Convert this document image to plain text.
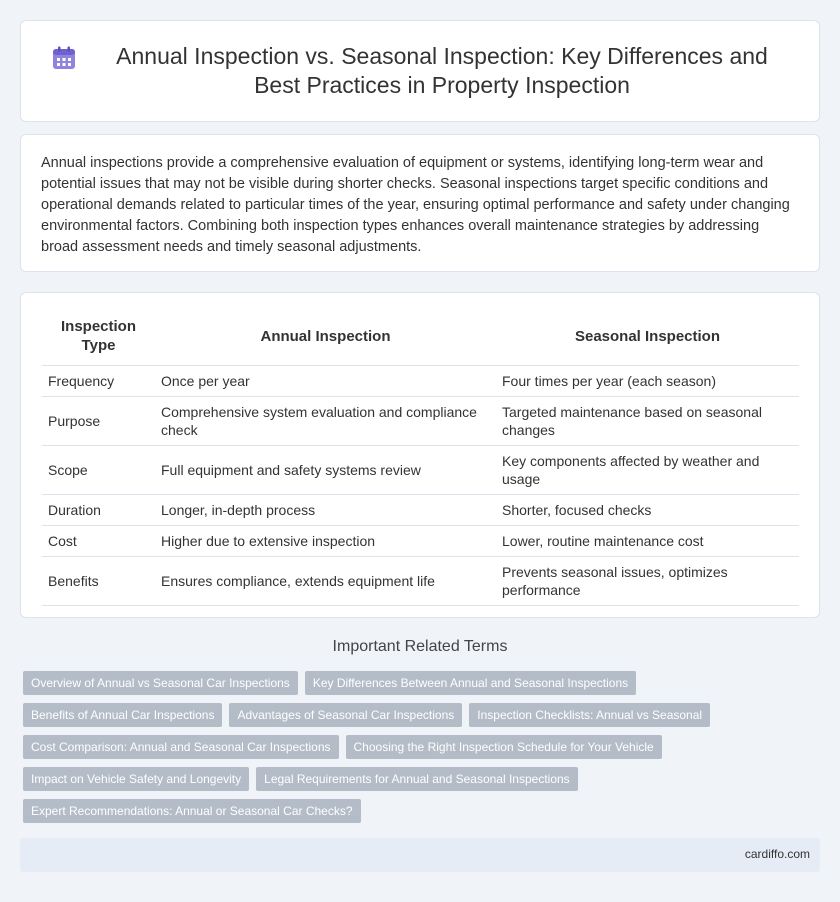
Annual Inspection vs. Seasonal Inspection: Key Differences and Best Practices in Property Inspection

Annual inspections provide a comprehensive evaluation of equipment or systems, identifying long-term wear and potential issues that may not be visible during shorter checks. Seasonal inspections target specific conditions and operational demands related to particular times of the year, ensuring optimal performance and safety under changing environmental factors. Combining both inspection types enhances overall maintenance strategies by addressing broad assessment needs and timely seasonal adjustments.

Inspection Type	Annual Inspection	Seasonal Inspection
Frequency	Once per year	Four times per year (each season)
Purpose	Comprehensive system evaluation and compliance check	Targeted maintenance based on seasonal changes
Scope	Full equipment and safety systems review	Key components affected by weather and usage
Duration	Longer, in-depth process	Shorter, focused checks
Cost	Higher due to extensive inspection	Lower, routine maintenance cost
Benefits	Ensures compliance, extends equipment life	Prevents seasonal issues, optimizes performance
Important Related Terms
Overview of Annual vs Seasonal Car Inspections	Key Differences Between Annual and Seasonal Inspections
Benefits of Annual Car Inspections	Advantages of Seasonal Car Inspections	Inspection Checklists: Annual vs Seasonal
Cost Comparison: Annual and Seasonal Car Inspections	Choosing the Right Inspection Schedule for Your Vehicle
Impact on Vehicle Safety and Longevity	Legal Requirements for Annual and Seasonal Inspections
Expert Recommendations: Annual or Seasonal Car Checks?
cardiffo.com
